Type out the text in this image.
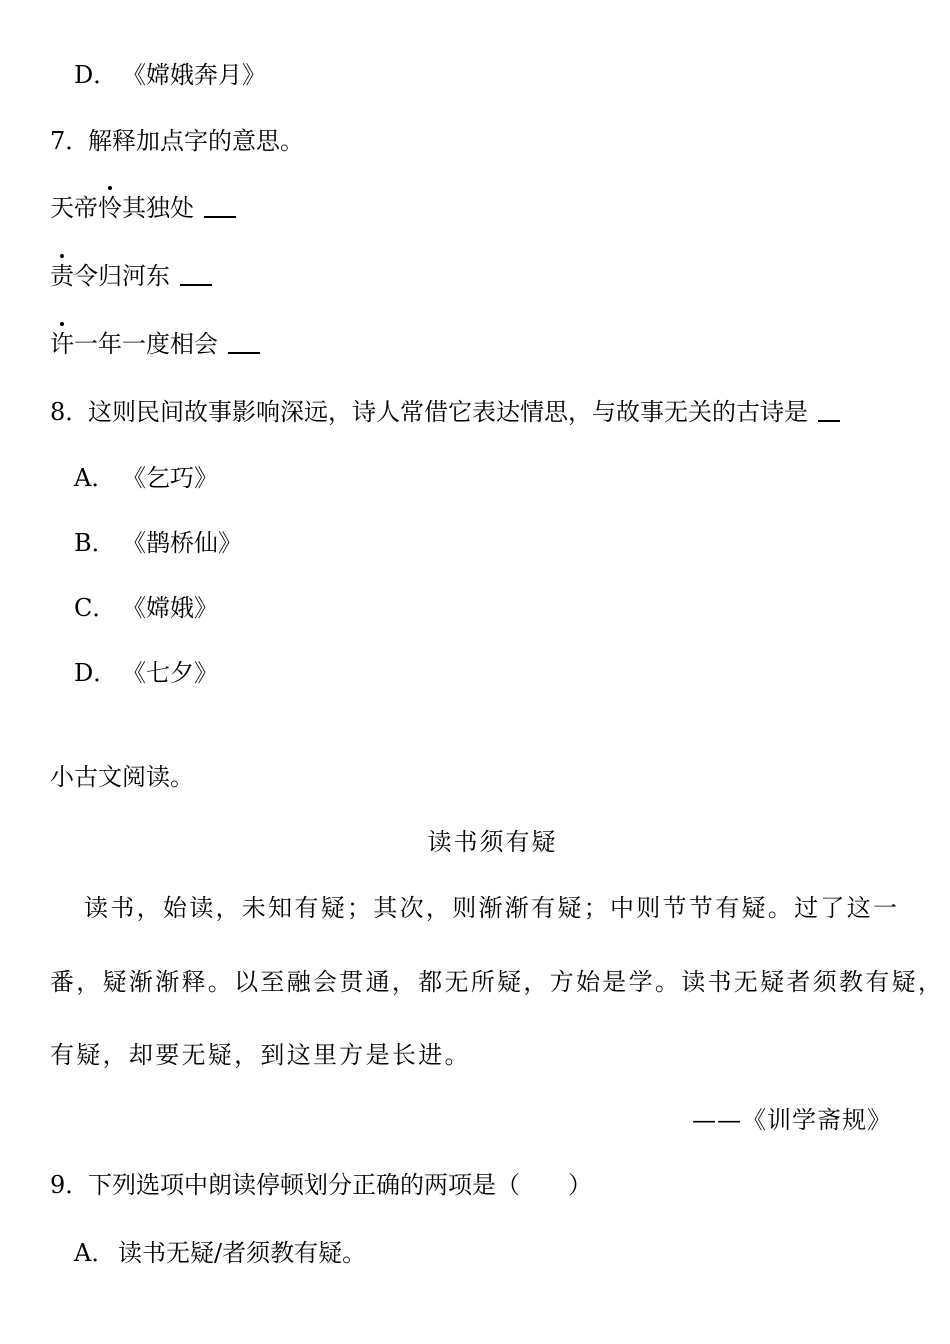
D． 《嫦娥奔月》
7．解释加点字的意思。
天帝怜其独处
责令归河东
许一年一度相会
8．这则民间故事影响深远，诗人常借它表达情思，与故事无关的古诗是
A． 《乞巧》
B． 《鹊桥仙》
C． 《嫦娥》
D． 《七夕》
小古文阅读。
读书须有疑
读书，始读，未知有疑；其次，则渐渐有疑；中则节节有疑。过了这一
番，疑渐渐释。以至融会贯通，都无所疑，方始是学。读书无疑者须教有疑，
有疑，却要无疑，到这里方是长进。
——《训学斋规》
9．下列选项中朗读停顿划分正确的两项是（　　）
A． 读书无疑/者须教有疑。
